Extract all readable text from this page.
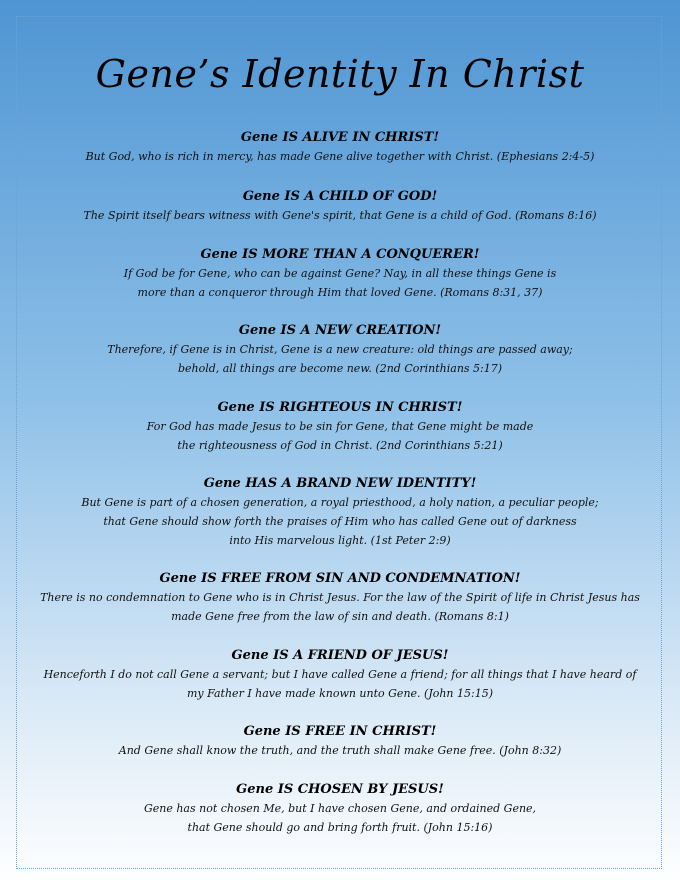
Gene’s Identity In Christ

Gene IS ALIVE IN CHRIST!

But God, who is rich in mercy, has made Gene alive together with Christ. (Ephesians 2:4-5)

Gene IS A CHILD OF GOD!

The Spirit itself bears witness with Gene's spirit, that Gene is a child of God. (Romans 8:16)

Gene IS MORE THAN A CONQUERER!

If God be for Gene, who can be against Gene? Nay, in all these things Gene is
more than a conqueror through Him that loved Gene. (Romans 8:31, 37)

Gene IS A NEW CREATION!

Therefore, if Gene is in Christ, Gene is a new creature: old things are passed away;
behold, all things are become new. (2nd Corinthians 5:17)

Gene IS RIGHTEOUS IN CHRIST!

For God has made Jesus to be sin for Gene, that Gene might be made
the righteousness of God in Christ. (2nd Corinthians 5:21)

Gene HAS A BRAND NEW IDENTITY!

But Gene is part of a chosen generation, a royal priesthood, a holy nation, a peculiar people;
that Gene should show forth the praises of Him who has called Gene out of darkness
into His marvelous light. (1st Peter 2:9)

Gene IS FREE FROM SIN AND CONDEMNATION!

There is no condemnation to Gene who is in Christ Jesus. For the law of the Spirit of life in Christ Jesus has
made Gene free from the law of sin and death. (Romans 8:1)

Gene IS A FRIEND OF JESUS!

Henceforth I do not call Gene a servant; but I have called Gene a friend; for all things that I have heard of
my Father I have made known unto Gene. (John 15:15)

Gene IS FREE IN CHRIST!

And Gene shall know the truth, and the truth shall make Gene free. (John 8:32)

Gene IS CHOSEN BY JESUS!

Gene has not chosen Me, but I have chosen Gene, and ordained Gene,
that Gene should go and bring forth fruit. (John 15:16)
